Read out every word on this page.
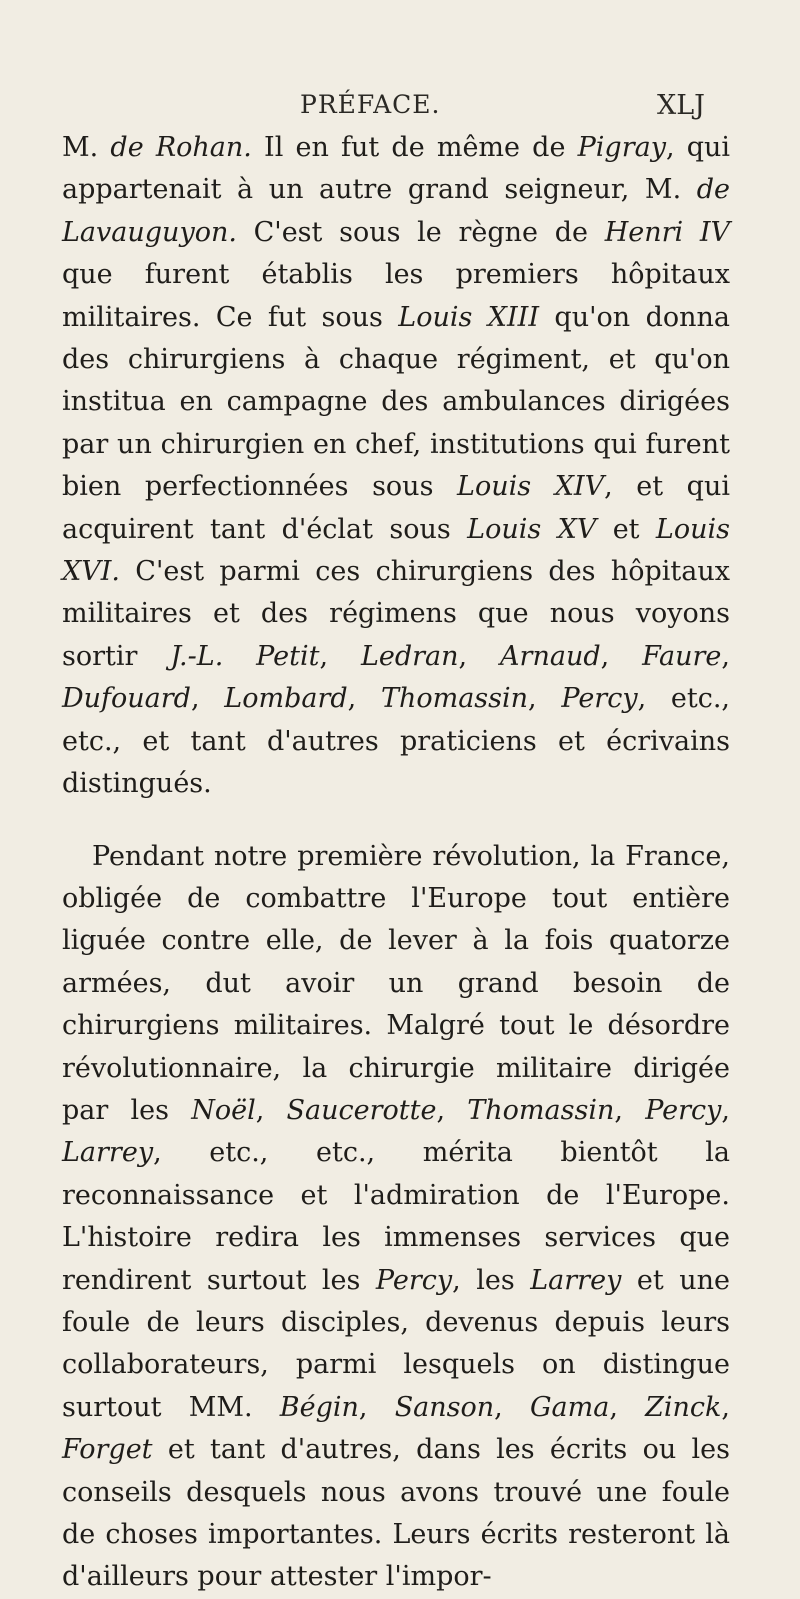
PRÉFACE.	XLJ

M. de Rohan. Il en fut de même de Pigray, qui appartenait à un autre grand seigneur, M. de Lavauguyon. C'est sous le règne de Henri IV que furent établis les premiers hôpitaux militaires. Ce fut sous Louis XIII qu'on donna des chirurgiens à chaque régiment, et qu'on institua en campagne des ambulances dirigées par un chirurgien en chef, institutions qui furent bien perfectionnées sous Louis XIV, et qui acquirent tant d'éclat sous Louis XV et Louis XVI. C'est parmi ces chirurgiens des hôpitaux militaires et des régimens que nous voyons sortir J.-L. Petit, Ledran, Arnaud, Faure, Dufouard, Lombard, Thomassin, Percy, etc., etc., et tant d'autres praticiens et écrivains distingués.

Pendant notre première révolution, la France, obligée de combattre l'Europe tout entière liguée contre elle, de lever à la fois quatorze armées, dut avoir un grand besoin de chirurgiens militaires. Malgré tout le désordre révolutionnaire, la chirurgie militaire dirigée par les Noël, Saucerotte, Thomassin, Percy, Larrey, etc., etc., mérita bientôt la reconnaissance et l'admiration de l'Europe. L'histoire redira les immenses services que rendirent surtout les Percy, les Larrey et une foule de leurs disciples, devenus depuis leurs collaborateurs, parmi lesquels on distingue surtout MM. Bégin, Sanson, Gama, Zinck, Forget et tant d'autres, dans les écrits ou les conseils desquels nous avons trouvé une foule de choses importantes. Leurs écrits resteront là d'ailleurs pour attester l'impor-
